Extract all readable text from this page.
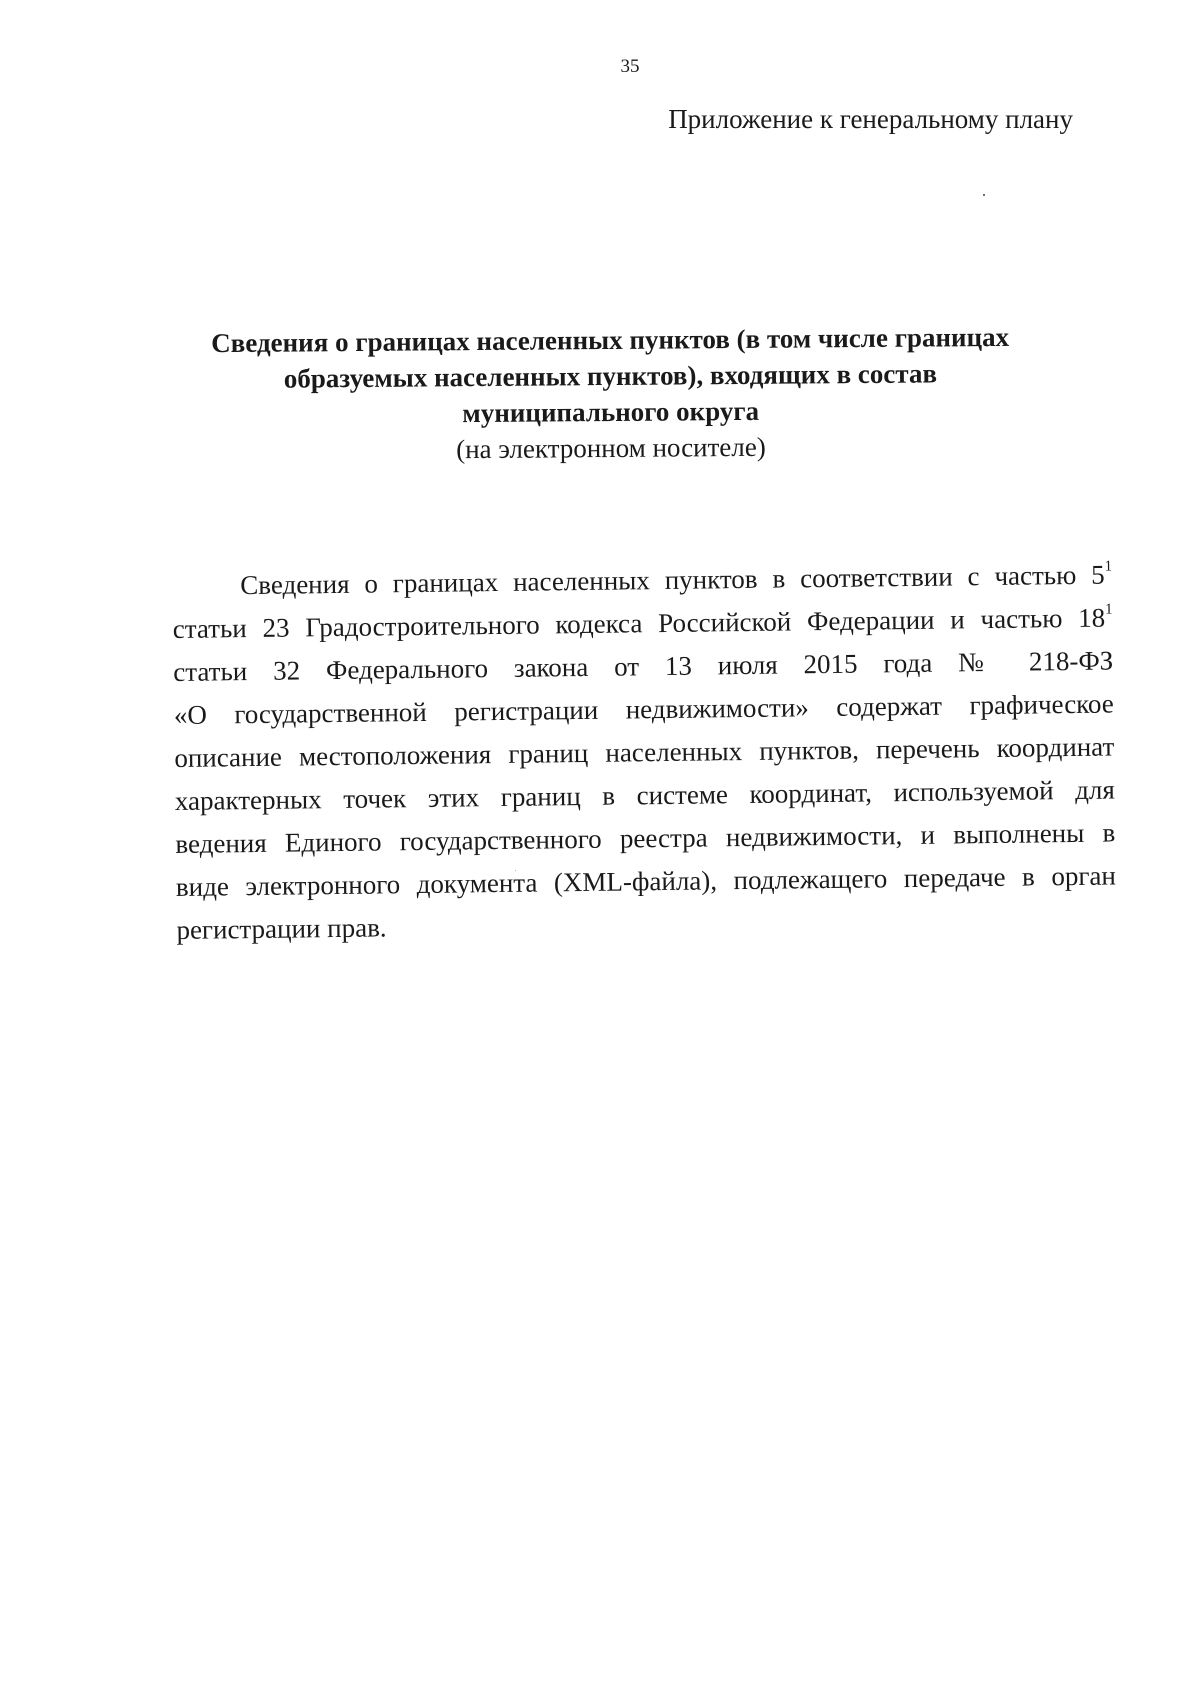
35
Приложение к генеральному плану
Сведения о границах населенных пунктов (в том числе границах
образуемых населенных пунктов), входящих в состав
муниципального округа
(на электронном носителе)
Сведения о границах населенных пунктов в соответствии с частью 5$^1$
статьи 23 Градостроительного кодекса Российской Федерации и частью 18$^1$
статьи 32 Федерального закона от 13 июля 2015 года № 218-ФЗ
«О государственной регистрации недвижимости» содержат графическое
описание местоположения границ населенных пунктов, перечень координат
характерных точек этих границ в системе координат, используемой для
ведения Единого государственного реестра недвижимости, и выполнены в
виде электронного документа (XML-файла), подлежащего передаче в орган
регистрации прав.
